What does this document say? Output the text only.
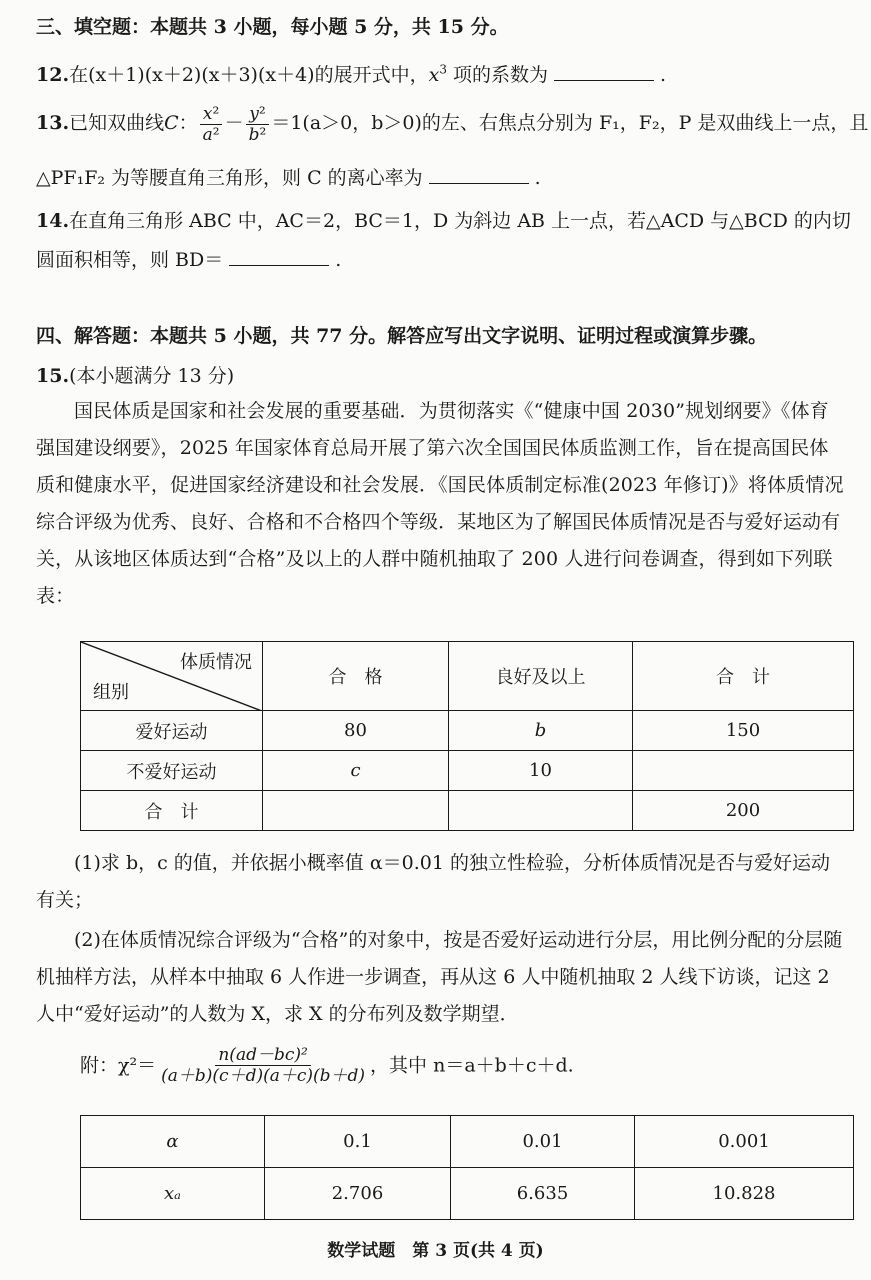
三、填空题：本题共 3 小题，每小题 5 分，共 15 分。
12.在(x＋1)(x＋2)(x＋3)(x＋4)的展开式中，$x^3$ 项的系数为	.
13.已知双曲线C： $\frac{\text{x²}}{\text{a²}} - \frac{\text{y²}}{\text{b²}} =1(a>0$，b＞0)的左、右焦点分别为 F₁，F₂，P 是双曲线上一点，且
△PF₁F₂ 为等腰直角三角形，则 C 的离心率为	.
14.在直角三角形 ABC 中，AC＝2，BC＝1，D 为斜边 AB 上一点，若△ACD 与△BCD 的内切
圆面积相等，则 BD＝	.
四、解答题：本题共 5 小题，共 77 分。解答应写出文字说明、证明过程或演算步骤。
15.(本小题满分 13 分)
国民体质是国家和社会发展的重要基础．为贯彻落实《“健康中国 2030”规划纲要》《体育强国建设纲要》，2025 年国家体育总局开展了第六次全国国民体质监测工作，旨在提高国民体质和健康水平，促进国家经济建设和社会发展．《国民体质制定标准(2023 年修订)》将体质情况综合评级为优秀、良好、合格和不合格四个等级．某地区为了解国民体质情况是否与爱好运动有关，从该地区体质达到“合格”及以上的人群中随机抽取了 200 人进行问卷调查，得到如下列联表：
体质情况
组别	合　格	良好及以上	合　计
爱好运动	80	b	150
不爱好运动	c	10	
合　计			200
(1)求 b，c 的值，并依据小概率值 α＝0.01 的独立性检验，分析体质情况是否与爱好运动有关；
(2)在体质情况综合评级为“合格”的对象中，按是否爱好运动进行分层，用比例分配的分层随机抽样方法，从样本中抽取 6 人作进一步调查，再从这 6 人中随机抽取 2 人线下访谈，记这 2 人中“爱好运动”的人数为 X，求 X 的分布列及数学期望．
附：$\chi^2= \frac{\text{n(ad－bc)²}}{(a+b)(c+d)(a+c)(b+d)}$ ，其中 n＝a＋b＋c＋d.
α	0.1	0.01	0.001
xₐ	2.706	6.635	10.828
数学试题　第 3 页(共 4 页)
